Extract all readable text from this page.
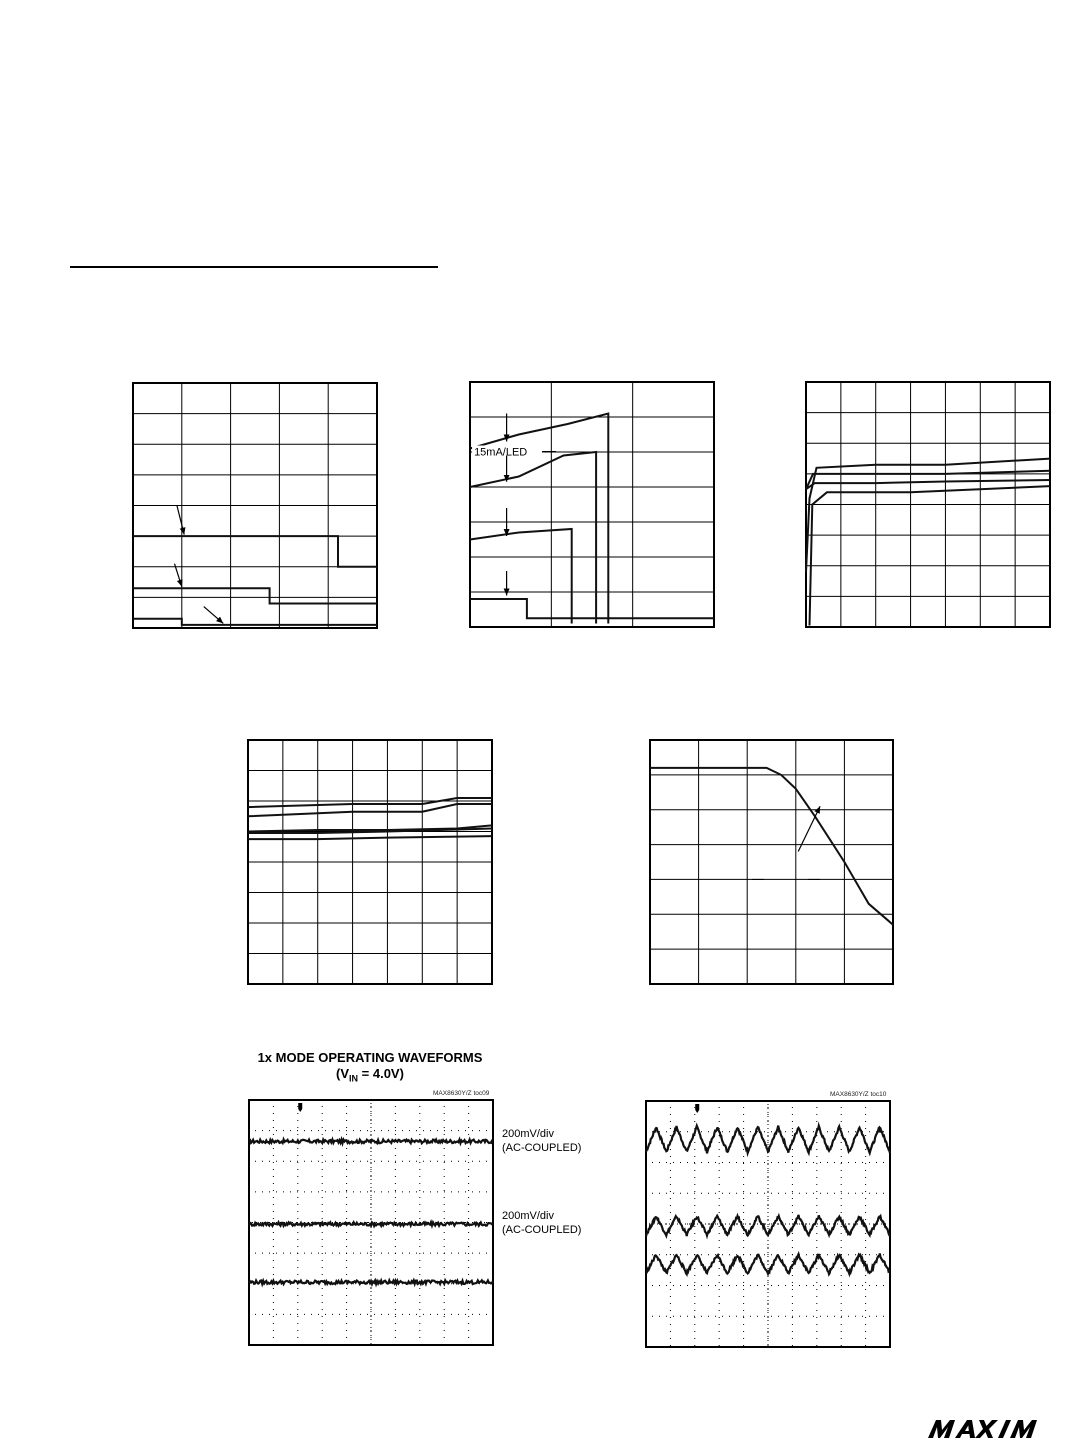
15mA/LED
1x MODE OPERATING WAVEFORMS
$(V_{IN} = 4.0V)$
MAX8630Y/Z toc09
200mV/div
(AC-COUPLED)
200mV/div
(AC-COUPLED)
MAX8630Y/Z toc10
